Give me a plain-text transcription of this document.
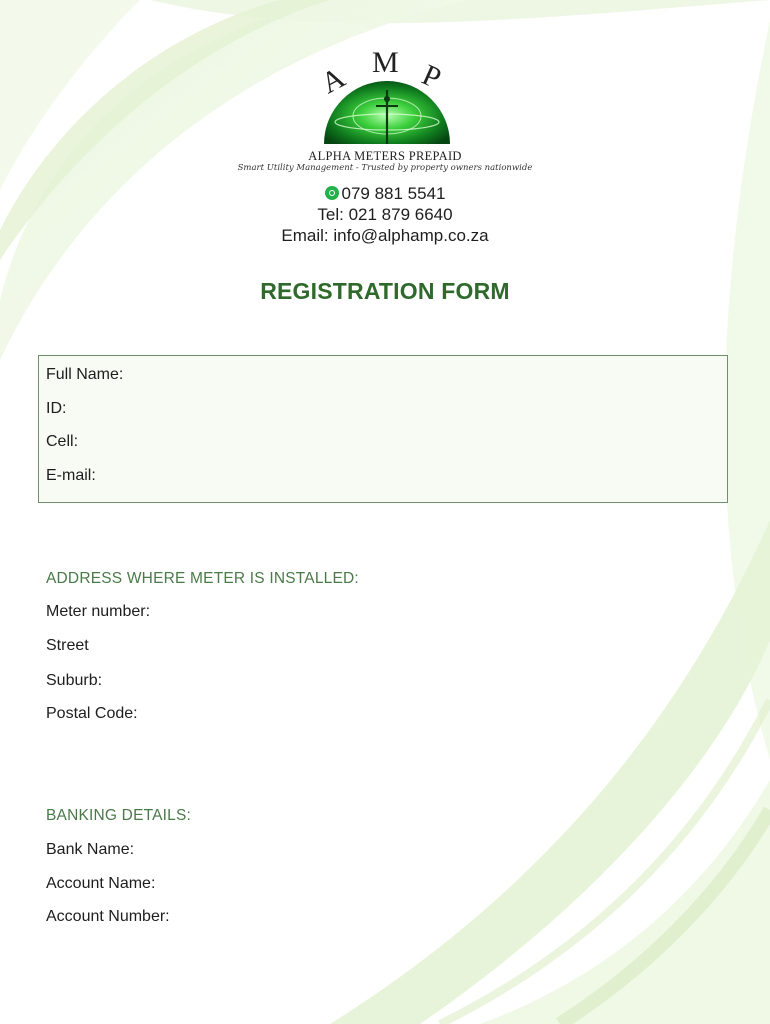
A M P
ALPHA METERS PREPAID
Smart Utility Management - Trusted by property owners nationwide
079 881 5541
Tel: 021 879 6640
Email: info@alphamp.co.za
REGISTRATION FORM
Full Name:
ID:
Cell:
E-mail:
ADDRESS WHERE METER IS INSTALLED:
Meter number:
Street
Suburb:
Postal Code:
BANKING DETAILS:
Bank Name:
Account Name:
Account Number:
